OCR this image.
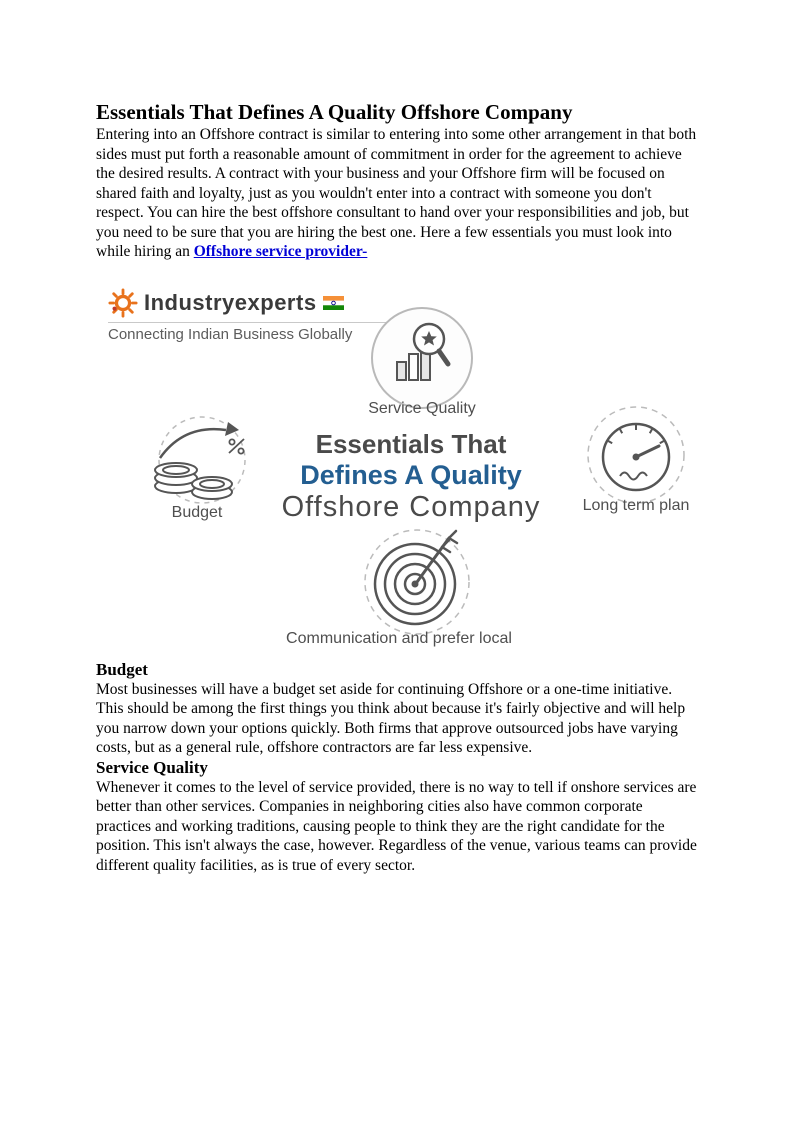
Essentials That Defines A Quality Offshore Company

Entering into an Offshore contract is similar to entering into some other arrangement in that both sides must put forth a reasonable amount of commitment in order for the agreement to achieve the desired results. A contract with your business and your Offshore firm will be focused on shared faith and loyalty, just as you wouldn't enter into a contract with someone you don't respect. You can hire the best offshore consultant to hand over your responsibilities and job, but you need to be sure that you are hiring the best one. Here a few essentials you must look into while hiring an Offshore service provider-

Industryexperts
Connecting Indian Business Globally
Service Quality
Essentials That
Defines A Quality
Offshore Company
Budget	Long term plan
Communication and prefer local
Budget

Most businesses will have a budget set aside for continuing Offshore or a one-time initiative. This should be among the first things you think about because it's fairly objective and will help you narrow down your options quickly. Both firms that approve outsourced jobs have varying costs, but as a general rule, offshore contractors are far less expensive.

Service Quality

Whenever it comes to the level of service provided, there is no way to tell if onshore services are better than other services. Companies in neighboring cities also have common corporate practices and working traditions, causing people to think they are the right candidate for the position. This isn't always the case, however. Regardless of the venue, various teams can provide different quality facilities, as is true of every sector.
